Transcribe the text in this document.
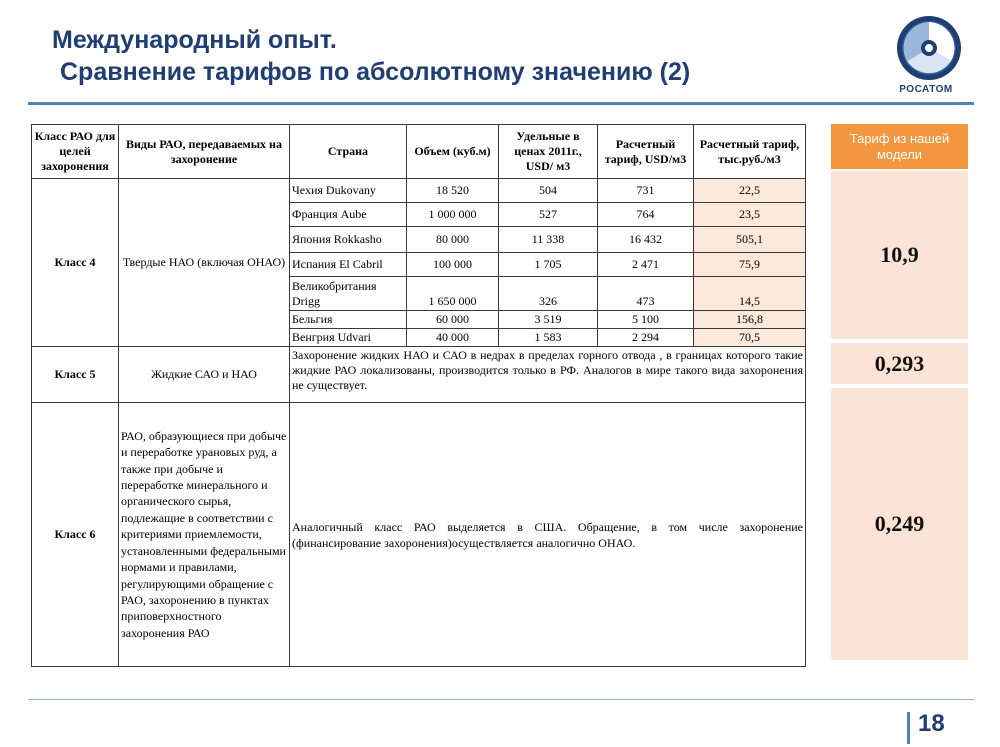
Международный опыт.
Сравнение тарифов по абсолютному значению (2)
РОСАТОМ
Класс РАО для целей захоронения	Виды РАО, передаваемых на захоронение	Страна	Объем (куб.м)	Удельные в ценах 2011г., USD/ м3	Расчетный тариф, USD/м3	Расчетный тариф, тыс.руб./м3
Класс 4	Твердые НАО (включая ОНАО)	Чехия Dukovany	18 520	504	731	22,5
		Франция Aube	1 000 000	527	764	23,5
		Япония Rokkasho	80 000	11 338	16 432	505,1
		Испания El Cabril	100 000	1 705	2 471	75,9
		Великобритания Drigg	1 650 000	326	473	14,5
		Бельгия	60 000	3 519	5 100	156,8
		Венгрия Udvari	40 000	1 583	2 294	70,5
Класс 5	Жидкие САО и НАО	Захоронение жидких НАО и САО в недрах в пределах горного отвода , в границах которого такие жидкие РАО локализованы, производится только в РФ. Аналогов в мире такого вида захоронения не существует.				
Класс 6	РАО, образующиеся при добыче и переработке урановых руд, а также при добыче и переработке минерального и органического сырья, подлежащие в соответствии с критериями приемлемости, установленными федеральными нормами и правилами, регулирующими обращение с РАО, захоронению в пунктах приповерхностного захоронения РАО	Аналогичный класс РАО выделяется в США. Обращение, в том числе захоронение (финансирование захоронения)осуществляется аналогично ОНАО.				
Тариф из нашей модели
10,9
0,293
0,249
18
